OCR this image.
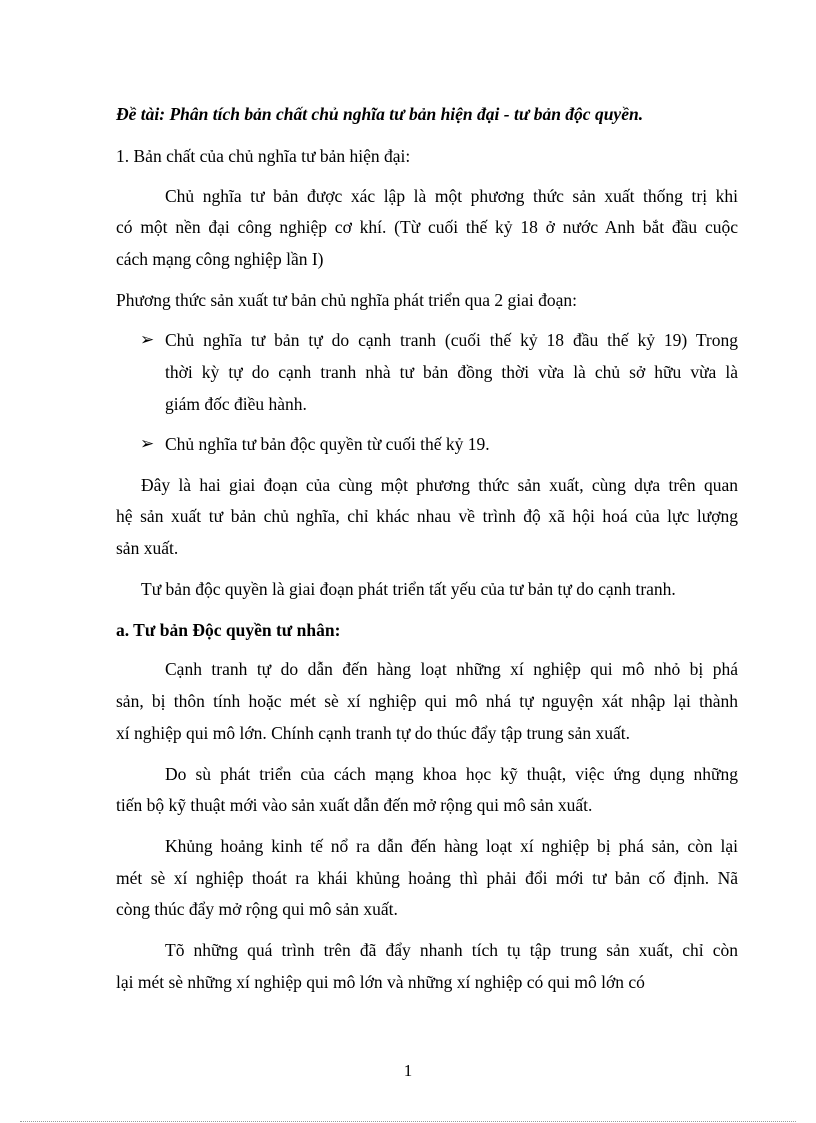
Đề tài: Phân tích bản chất chủ nghĩa tư bản hiện đại - tư bản độc quyền.
1. Bản chất của chủ nghĩa tư bản hiện đại:
Chủ nghĩa tư bản được xác lập là một phương thức sản xuất thống trị khi
có một nền đại công nghiệp cơ khí. (Từ cuối thế kỷ 18 ở nước Anh bắt đầu cuộc
cách mạng công nghiệp lần I)
Phương thức sản xuất tư bản chủ nghĩa phát triển qua 2 giai đoạn:
➢ Chủ nghĩa tư bản tự do cạnh tranh (cuối thế kỷ 18 đầu thế kỷ 19) Trong
thời kỳ tự do cạnh tranh nhà tư bản đồng thời vừa là chủ sở hữu vừa là
giám đốc điều hành.
➢ Chủ nghĩa tư bản độc quyền từ cuối thế kỷ 19.
Đây là hai giai đoạn của cùng một phương thức sản xuất, cùng dựa trên quan
hệ sản xuất tư bản chủ nghĩa, chỉ khác nhau về trình độ xã hội hoá của lực lượng
sản xuất.
Tư bản độc quyền là giai đoạn phát triển tất yếu của tư bản tự do cạnh tranh.
a. Tư bản Độc quyền tư nhân:
Cạnh tranh tự do dẫn đến hàng loạt những xí nghiệp qui mô nhỏ bị phá
sản, bị thôn tính hoặc mét sè xí nghiệp qui mô nhá tự nguyện xát nhập lại thành
xí nghiệp qui mô lớn. Chính cạnh tranh tự do thúc đẩy tập trung sản xuất.
Do sù phát triển của cách mạng khoa học kỹ thuật, việc ứng dụng những
tiến bộ kỹ thuật mới vào sản xuất dẫn đến mở rộng qui mô sản xuất.
Khủng hoảng kinh tế nổ ra dẫn đến hàng loạt xí nghiệp bị phá sản, còn lại
mét sè xí nghiệp thoát ra khái khủng hoảng thì phải đổi mới tư bản cố định. Nã
còng thúc đẩy mở rộng qui mô sản xuất.
Tõ những quá trình trên đã đẩy nhanh tích tụ tập trung sản xuất, chỉ còn
lại mét sè những xí nghiệp qui mô lớn và những xí nghiệp có qui mô lớn có
1
